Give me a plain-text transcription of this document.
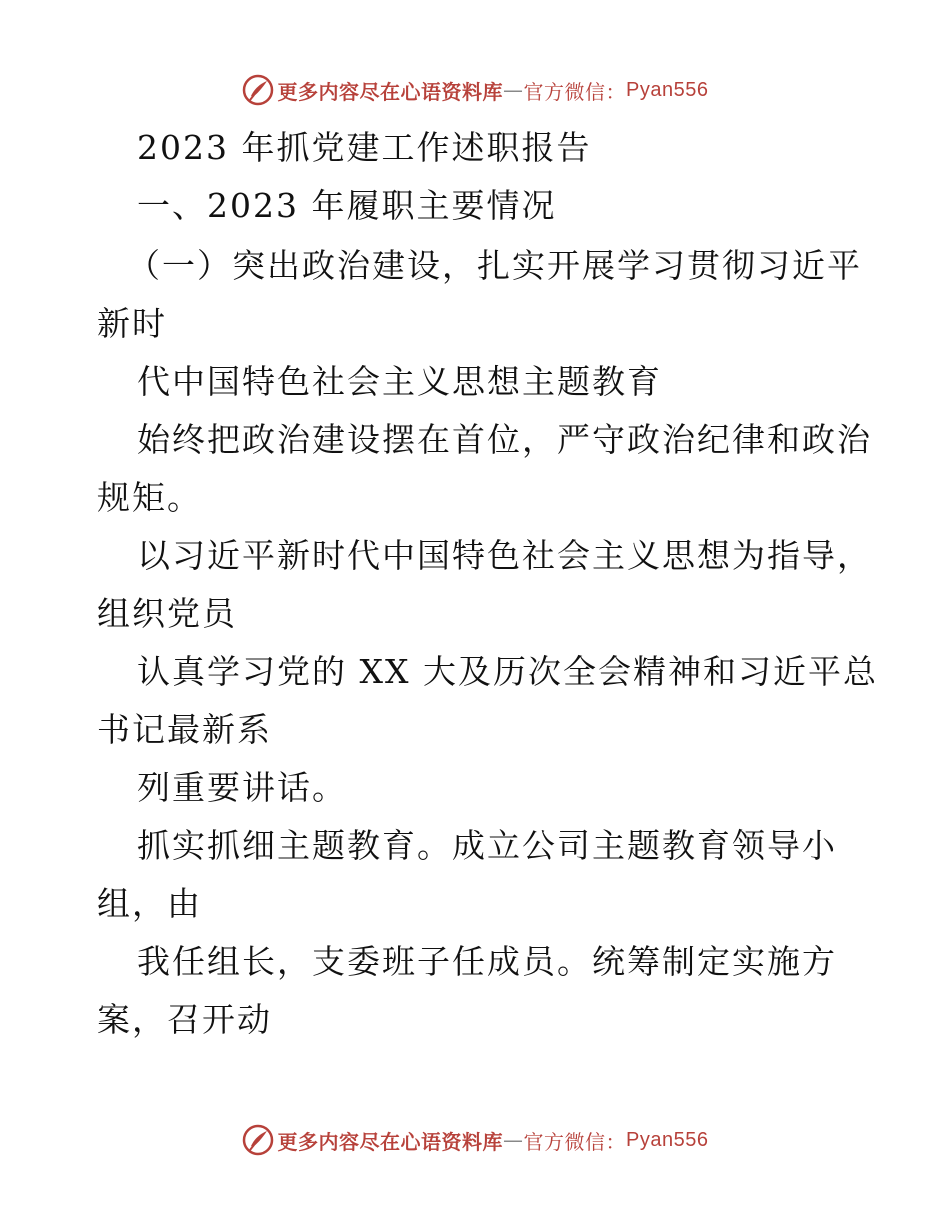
更多内容尽在心语资料库 — 官方微信： Pyan556
2023 年抓党建工作述职报告
一、2023 年履职主要情况
（一）突出政治建设，扎实开展学习贯彻习近平
新时
代中国特色社会主义思想主题教育
始终把政治建设摆在首位，严守政治纪律和政治
规矩。
以习近平新时代中国特色社会主义思想为指导，
组织党员
认真学习党的 XX 大及历次全会精神和习近平总
书记最新系
列重要讲话。
抓实抓细主题教育。成立公司主题教育领导小
组，由
我任组长，支委班子任成员。统筹制定实施方
案，召开动
更多内容尽在心语资料库 — 官方微信： Pyan556
